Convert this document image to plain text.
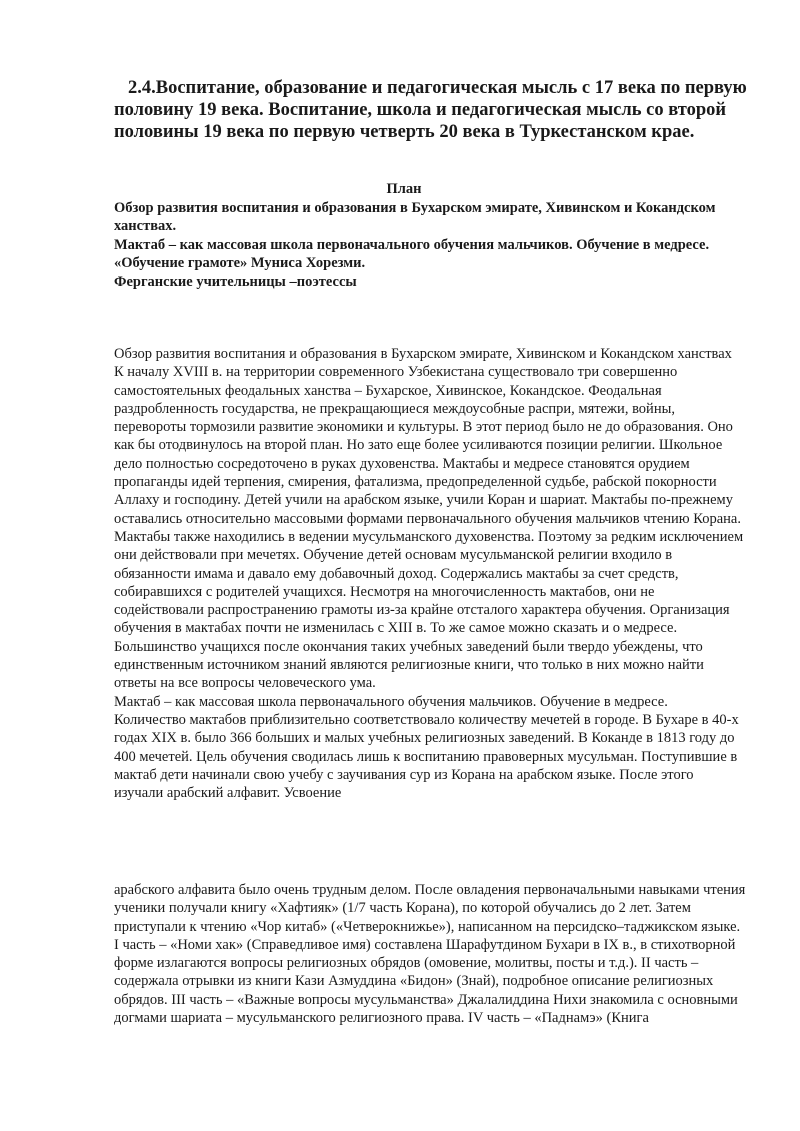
2.4.Воспитание, образование и педагогическая мысль с 17 века по первую половину 19 века. Воспитание, школа и педагогическая мысль со второй половины 19 века по первую четверть 20 века в Туркестанском крае.
План
Обзор развития воспитания и образования в Бухарском эмирате, Хивинском и Кокандском ханствах.
Мактаб – как массовая школа первоначального обучения мальчиков. Обучение в медресе.
«Обучение грамоте» Муниса Хорезми.
Ферганские учительницы –поэтессы

Обзор развития воспитания и образования в Бухарском эмирате, Хивинском и Кокандском ханствах

К началу XVIII в. на территории современного Узбекистана существовало три совершенно самостоятельных феодальных ханства – Бухарское, Хивинское, Кокандское. Феодальная раздробленность государства, не прекращающиеся междоусобные распри, мятежи, войны, перевороты тормозили развитие экономики и культуры. В этот период было не до образования. Оно как бы отодвинулось на второй план. Но зато еще более усиливаются позиции религии. Школьное дело полностью сосредоточено в руках духовенства. Мактабы и медресе становятся орудием пропаганды идей терпения, смирения, фатализма, предопределенной судьбе, рабской покорности Аллаху и господину. Детей учили на арабском языке, учили Коран и шариат. Мактабы по-прежнему оставались относительно массовыми формами первоначального обучения мальчиков чтению Корана. Мактабы также находились в ведении мусульманского духовенства. Поэтому за редким исключением они действовали при мечетях. Обучение детей основам мусульманской религии входило в обязанности имама и давало ему добавочный доход. Содержались мактабы за счет средств, собиравшихся с родителей учащихся. Несмотря на многочисленность мактабов, они не содействовали распространению грамоты из-за крайне отсталого характера обучения. Организация обучения в мактабах почти не изменилась с XIII в. То же самое можно сказать и о медресе. Большинство учащихся после окончания таких учебных заведений были твердо убеждены, что единственным источником знаний являются религиозные книги, что только в них можно найти ответы на все вопросы человеческого ума.

Мактаб – как массовая школа первоначального обучения мальчиков. Обучение в медресе.

Количество мактабов приблизительно соответствовало количеству мечетей в городе. В Бухаре в 40-х годах XIX в. было 366 больших и малых учебных религиозных заведений. В Коканде в 1813 году до 400 мечетей. Цель обучения сводилась лишь к воспитанию правоверных мусульман. Поступившие в мактаб дети начинали свою учебу с заучивания сур из Корана на арабском языке. После этого изучали арабский алфавит. Усвоение

арабского алфавита было очень трудным делом. После овладения первоначальными навыками чтения ученики получали книгу «Хафтияк» (1/7 часть Корана), по которой обучались до 2 лет. Затем приступали к чтению «Чор китаб» («Четверокнижье»), написанном на персидско–таджикском языке. I часть – «Номи хак» (Справедливое имя) составлена Шарафутдином Бухари в IX в., в стихотворной форме излагаются вопросы религиозных обрядов (омовение, молитвы, посты и т.д.). II часть – содержала отрывки из книги Кази Азмуддина «Бидон» (Знай), подробное описание религиозных обрядов. III часть – «Важные вопросы мусульманства» Джалалиддина Нихи знакомила с основными догмами шариата – мусульманского религиозного права. IV часть – «Паднамэ» (Книга
